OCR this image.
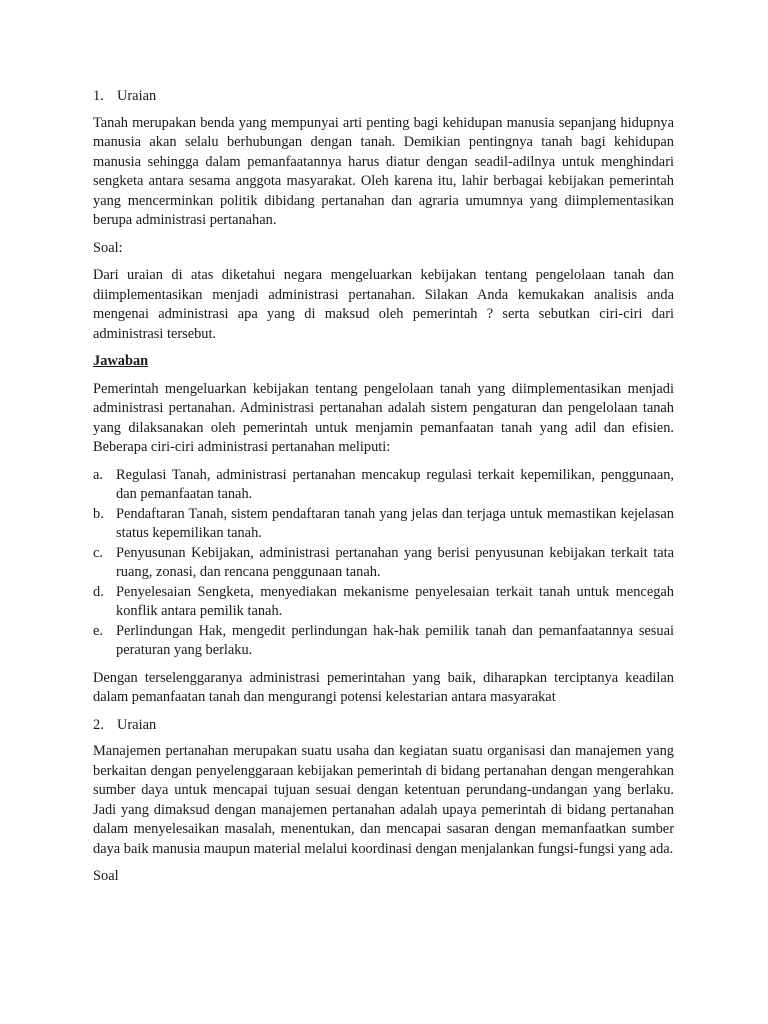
1. Uraian

Tanah merupakan benda yang mempunyai arti penting bagi kehidupan manusia sepanjang hidupnya manusia akan selalu berhubungan dengan tanah. Demikian pentingnya tanah bagi kehidupan manusia sehingga dalam pemanfaatannya harus diatur dengan seadil-adilnya untuk menghindari sengketa antara sesama anggota masyarakat. Oleh karena itu, lahir berbagai kebijakan pemerintah yang mencerminkan politik dibidang pertanahan dan agraria umumnya yang diimplementasikan berupa administrasi pertanahan.

Soal:

Dari uraian di atas diketahui negara mengeluarkan kebijakan tentang pengelolaan tanah dan diimplementasikan menjadi administrasi pertanahan. Silakan Anda kemukakan analisis anda mengenai administrasi apa yang di maksud oleh pemerintah ? serta sebutkan ciri-ciri dari administrasi tersebut.

Jawaban

Pemerintah mengeluarkan kebijakan tentang pengelolaan tanah yang diimplementasikan menjadi administrasi pertanahan. Administrasi pertanahan adalah sistem pengaturan dan pengelolaan tanah yang dilaksanakan oleh pemerintah untuk menjamin pemanfaatan tanah yang adil dan efisien. Beberapa ciri-ciri administrasi pertanahan meliputi:

a. Regulasi Tanah, administrasi pertanahan mencakup regulasi terkait kepemilikan, penggunaan, dan pemanfaatan tanah.
b. Pendaftaran Tanah, sistem pendaftaran tanah yang jelas dan terjaga untuk memastikan kejelasan status kepemilikan tanah.
c. Penyusunan Kebijakan, administrasi pertanahan yang berisi penyusunan kebijakan terkait tata ruang, zonasi, dan rencana penggunaan tanah.
d. Penyelesaian Sengketa, menyediakan mekanisme penyelesaian terkait tanah untuk mencegah konflik antara pemilik tanah.
e. Perlindungan Hak, mengedit perlindungan hak-hak pemilik tanah dan pemanfaatannya sesuai peraturan yang berlaku.

Dengan terselenggaranya administrasi pemerintahan yang baik, diharapkan terciptanya keadilan dalam pemanfaatan tanah dan mengurangi potensi kelestarian antara masyarakat

2. Uraian

Manajemen pertanahan merupakan suatu usaha dan kegiatan suatu organisasi dan manajemen yang berkaitan dengan penyelenggaraan kebijakan pemerintah di bidang pertanahan dengan mengerahkan sumber daya untuk mencapai tujuan sesuai dengan ketentuan perundang-undangan yang berlaku. Jadi yang dimaksud dengan manajemen pertanahan adalah upaya pemerintah di bidang pertanahan dalam menyelesaikan masalah, menentukan, dan mencapai sasaran dengan memanfaatkan sumber daya baik manusia maupun material melalui koordinasi dengan menjalankan fungsi-fungsi yang ada.

Soal
